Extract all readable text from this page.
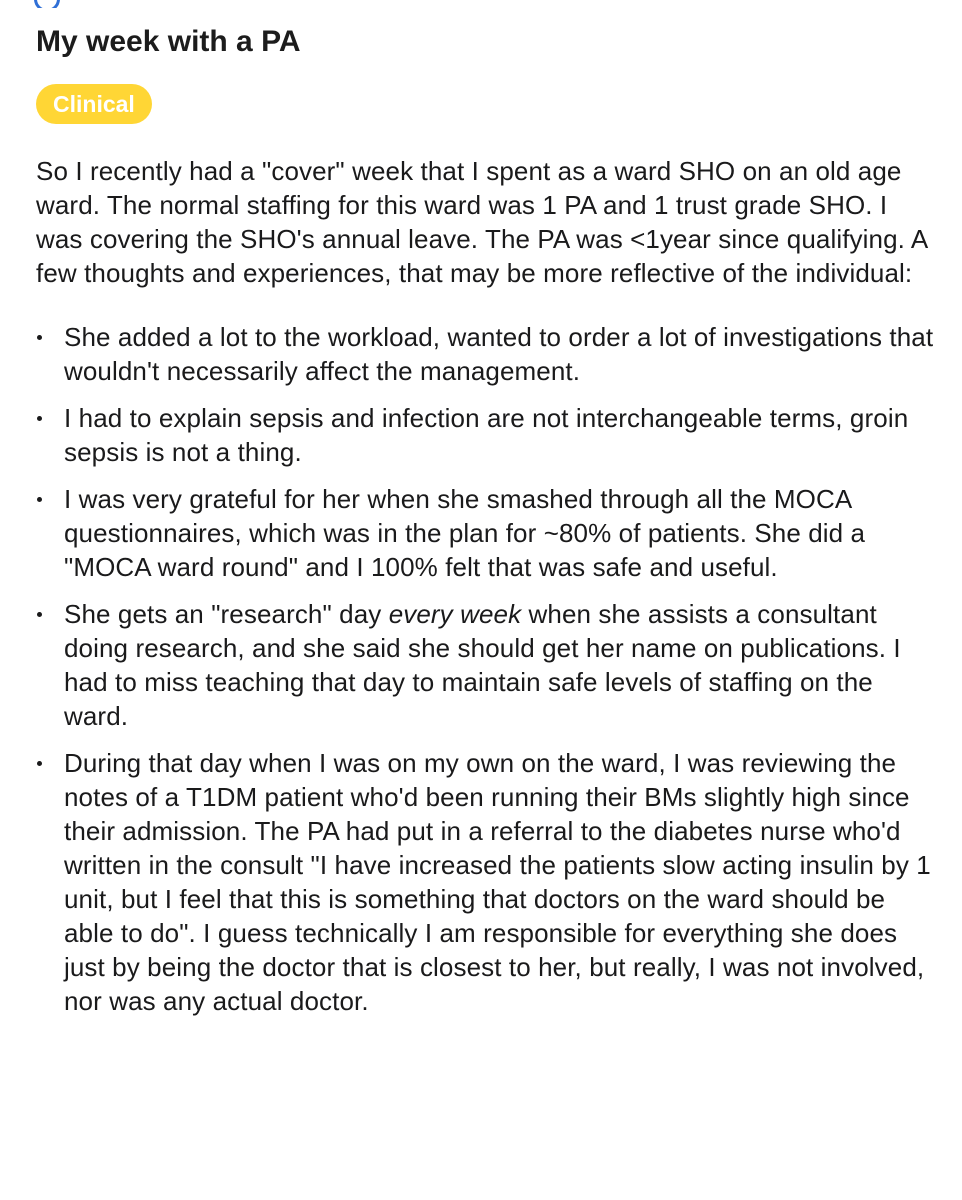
My week with a PA
Clinical

So I recently had a "cover" week that I spent as a ward SHO on an old age ward. The normal staffing for this ward was 1 PA and 1 trust grade SHO. I was covering the SHO's annual leave. The PA was <1year since qualifying. A few thoughts and experiences, that may be more reflective of the individual:

She added a lot to the workload, wanted to order a lot of investigations that wouldn't necessarily affect the management.
I had to explain sepsis and infection are not interchangeable terms, groin sepsis is not a thing.
I was very grateful for her when she smashed through all the MOCA questionnaires, which was in the plan for ~80% of patients. She did a "MOCA ward round" and I 100% felt that was safe and useful.
She gets an "research" day every week when she assists a consultant doing research, and she said she should get her name on publications. I had to miss teaching that day to maintain safe levels of staffing on the ward.
During that day when I was on my own on the ward, I was reviewing the notes of a T1DM patient who'd been running their BMs slightly high since their admission. The PA had put in a referral to the diabetes nurse who'd written in the consult "I have increased the patients slow acting insulin by 1 unit, but I feel that this is something that doctors on the ward should be able to do". I guess technically I am responsible for everything she does just by being the doctor that is closest to her, but really, I was not involved, nor was any actual doctor.
